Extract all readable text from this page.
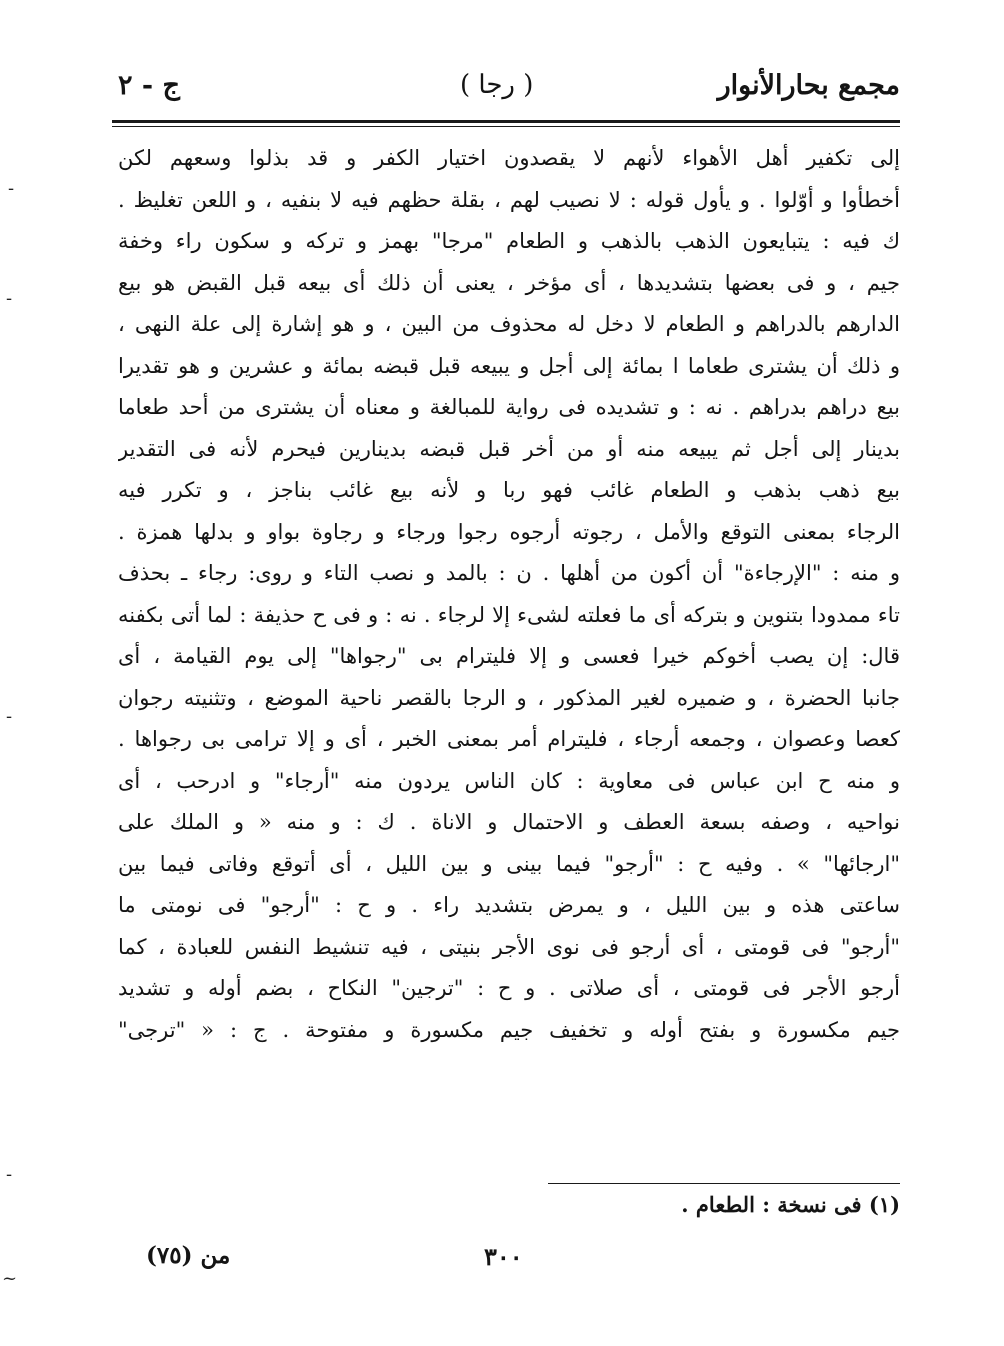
مجمع بحارالأنوار
( رجا )
ج - ٢
إلى تكفير أهل الأهواء لأنهم لا يقصدون اختيار الكفر و قد بذلوا وسعهم لكن
أخطأوا و أوّلوا . و يأول قوله : لا نصيب لهم ، بقلة حظهم فيه لا بنفيه ، و اللعن تغليظ .
ك فيه : يتبايعون الذهب بالذهب و الطعام "مرجا" بهمز و تركه و سكون راء وخفة
جيم ، و فى بعضها بتشديدها ، أى مؤخر ، يعنى أن ذلك أى بيعه قبل القبض هو بيع
الدارهم بالدراهم و الطعام لا دخل له محذوف من البين ، و هو إشارة إلى علة النهى ،
و ذلك أن يشترى طعاما ا بمائة إلى أجل و يبيعه قبل قبضه بمائة و عشرين و هو تقديرا
بيع دراهم بدراهم . نه : و تشديده فى رواية للمبالغة و معناه أن يشترى من أحد طعاما
بدينار إلى أجل ثم يبيعه منه أو من أخر قبل قبضه بدينارين فيحرم لأنه فى التقدير
بيع ذهب بذهب و الطعام غائب فهو ربا و لأنه بيع غائب بناجز ، و تكرر فيه
الرجاء بمعنى التوقع والأمل ، رجوته أرجوه رجوا ورجاء و رجاوة بواو و بدلها همزة .
و منه : "الإرجاءة" أن أكون من أهلها . ن : بالمد و نصب التاء و روى: رجاء ـ بحذف
تاء ممدودا بتنوين و بتركه أى ما فعلته لشىء إلا لرجاء . نه : و فى ح حذيفة : لما أتى بكفنه
قال: إن يصب أخوكم خيرا فعسى و إلا فليترام بى "رجواها" إلى يوم القيامة ، أى
جانبا الحضرة ، و ضميره لغير المذكور ، و الرجا بالقصر ناحية الموضع ، وتثنيته رجوان
كعصا وعصوان ، وجمعه أرجاء ، فليترام أمر بمعنى الخبر ، أى و إلا ترامى بى رجواها .
و منه ح ابن عباس فى معاوية : كان الناس يردون منه "أرجاء" و ادرحب ، أى
نواحيه ، وصفه بسعة العطف و الاحتمال و الاناة . ك : و منه « و الملك على
"ارجائها" » . وفيه ح : "أرجو" فيما بينى و بين الليل ، أى أتوقع وفاتى فيما بين
ساعتى هذه و بين الليل ، و يمرض بتشديد راء . و ح : "أرجو" فى نومتى ما
"أرجو" فى قومتى ، أى أرجو فى نوى الأجر بنيتى ، فيه تنشيط النفس للعبادة ، كما
أرجو الأجر فى قومتى ، أى صلاتى . و ح : "ترجين" النكاح ، بضم أوله و تشديد
جيم مكسورة و بفتح أوله و تخفيف جيم مكسورة و مفتوحة . ج : « "ترجى"
(١) فى نسخة : الطعام .
٣٠٠
من (٧٥)
-
-
-
-
~
